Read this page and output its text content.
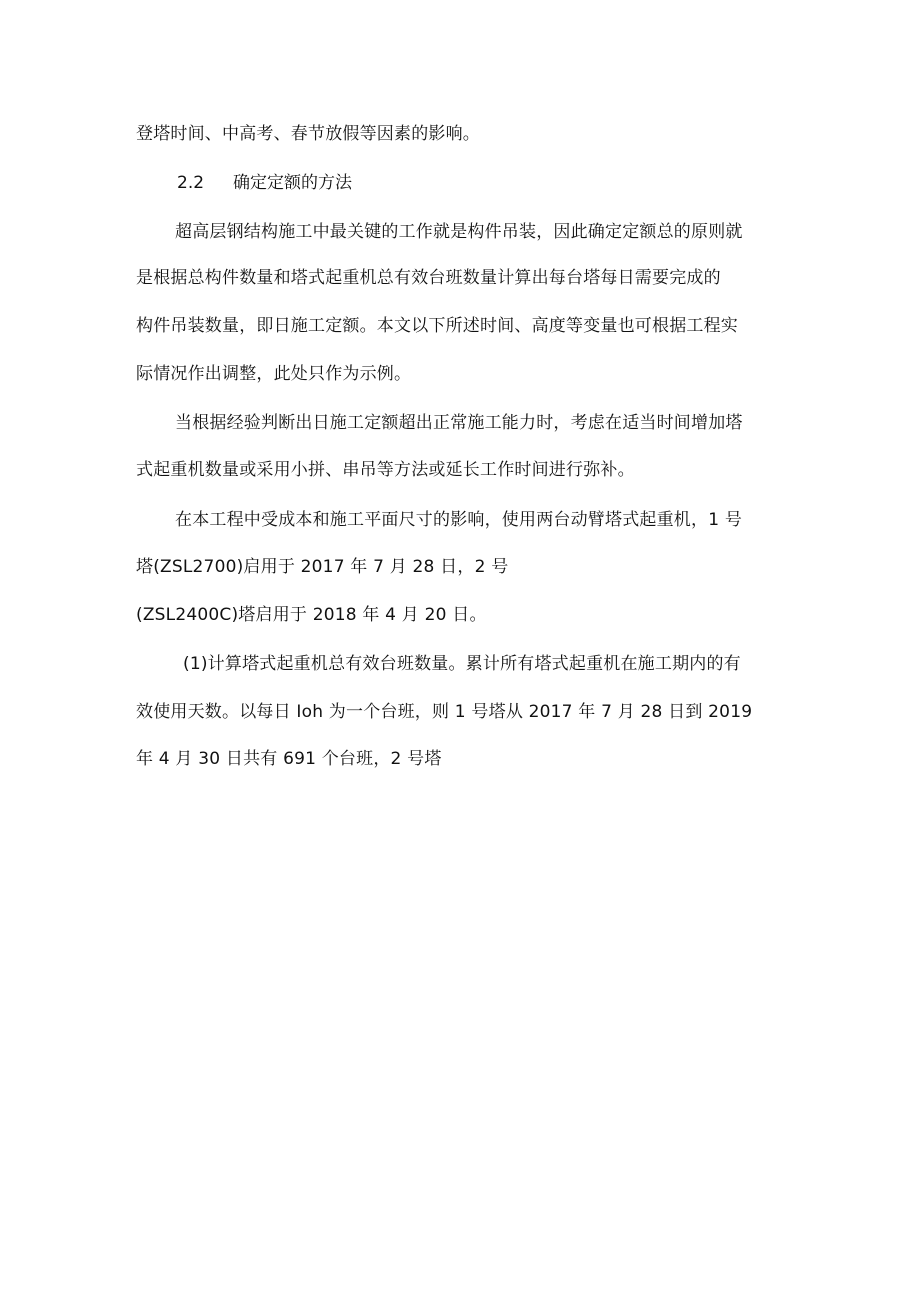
登塔时间、中高考、春节放假等因素的影响。
2.2 确定定额的方法
超高层钢结构施工中最关键的工作就是构件吊装，因此确定定额总的原则就
是根据总构件数量和塔式起重机总有效台班数量计算出每台塔每日需要完成的
构件吊装数量，即日施工定额。本文以下所述时间、高度等变量也可根据工程实
际情况作出调整，此处只作为示例。
当根据经验判断出日施工定额超出正常施工能力时，考虑在适当时间增加塔
式起重机数量或采用小拼、串吊等方法或延长工作时间进行弥补。
在本工程中受成本和施工平面尺寸的影响，使用两台动臂塔式起重机，1 号
塔(ZSL2700)启用于 2017 年 7 月 28 日，2 号
(ZSL2400C)塔启用于 2018 年 4 月 20 日。
(1)计算塔式起重机总有效台班数量。累计所有塔式起重机在施工期内的有
效使用天数。以每日 Ioh 为一个台班，则 1 号塔从 2017 年 7 月 28 日到 2019
年 4 月 30 日共有 691 个台班，2 号塔
